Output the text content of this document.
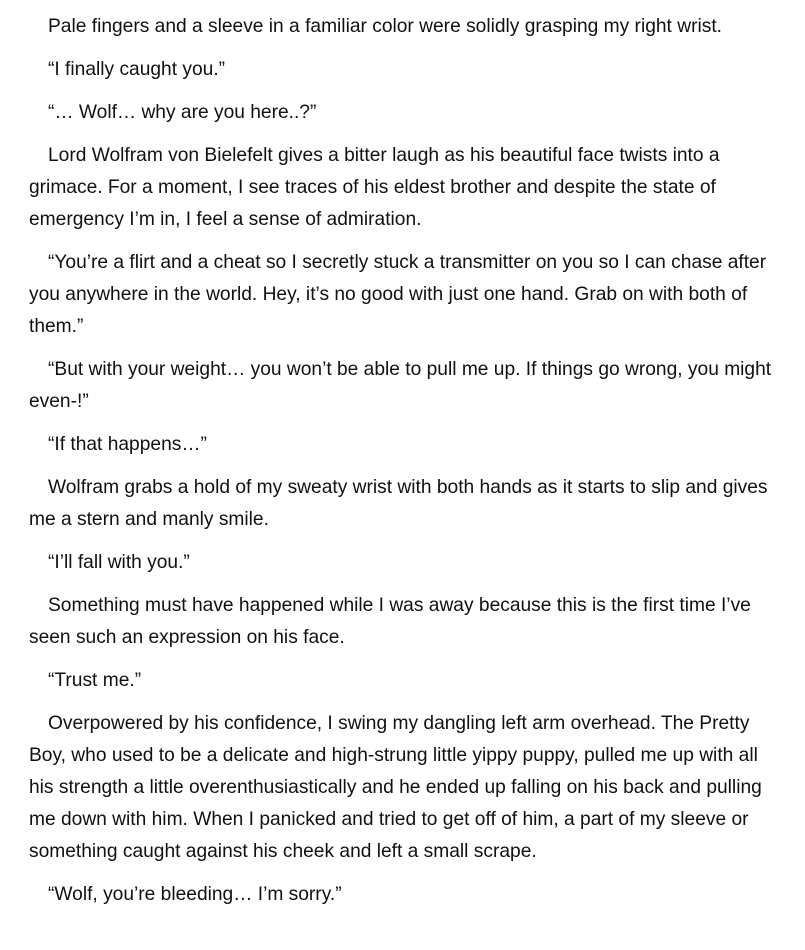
Pale fingers and a sleeve in a familiar color were solidly grasping my right wrist.

“I finally caught you.”

“… Wolf… why are you here..?”

Lord Wolfram von Bielefelt gives a bitter laugh as his beautiful face twists into a grimace. For a moment, I see traces of his eldest brother and despite the state of emergency I’m in, I feel a sense of admiration.

“You’re a flirt and a cheat so I secretly stuck a transmitter on you so I can chase after you anywhere in the world. Hey, it’s no good with just one hand. Grab on with both of them.”

“But with your weight… you won’t be able to pull me up. If things go wrong, you might even-!”

“If that happens…”

Wolfram grabs a hold of my sweaty wrist with both hands as it starts to slip and gives me a stern and manly smile.

“I’ll fall with you.”

Something must have happened while I was away because this is the first time I’ve seen such an expression on his face.

“Trust me.”

Overpowered by his confidence, I swing my dangling left arm overhead. The Pretty Boy, who used to be a delicate and high-strung little yippy puppy, pulled me up with all his strength a little overenthusiastically and he ended up falling on his back and pulling me down with him. When I panicked and tried to get off of him, a part of my sleeve or something caught against his cheek and left a small scrape.

“Wolf, you’re bleeding… I’m sorry.”
